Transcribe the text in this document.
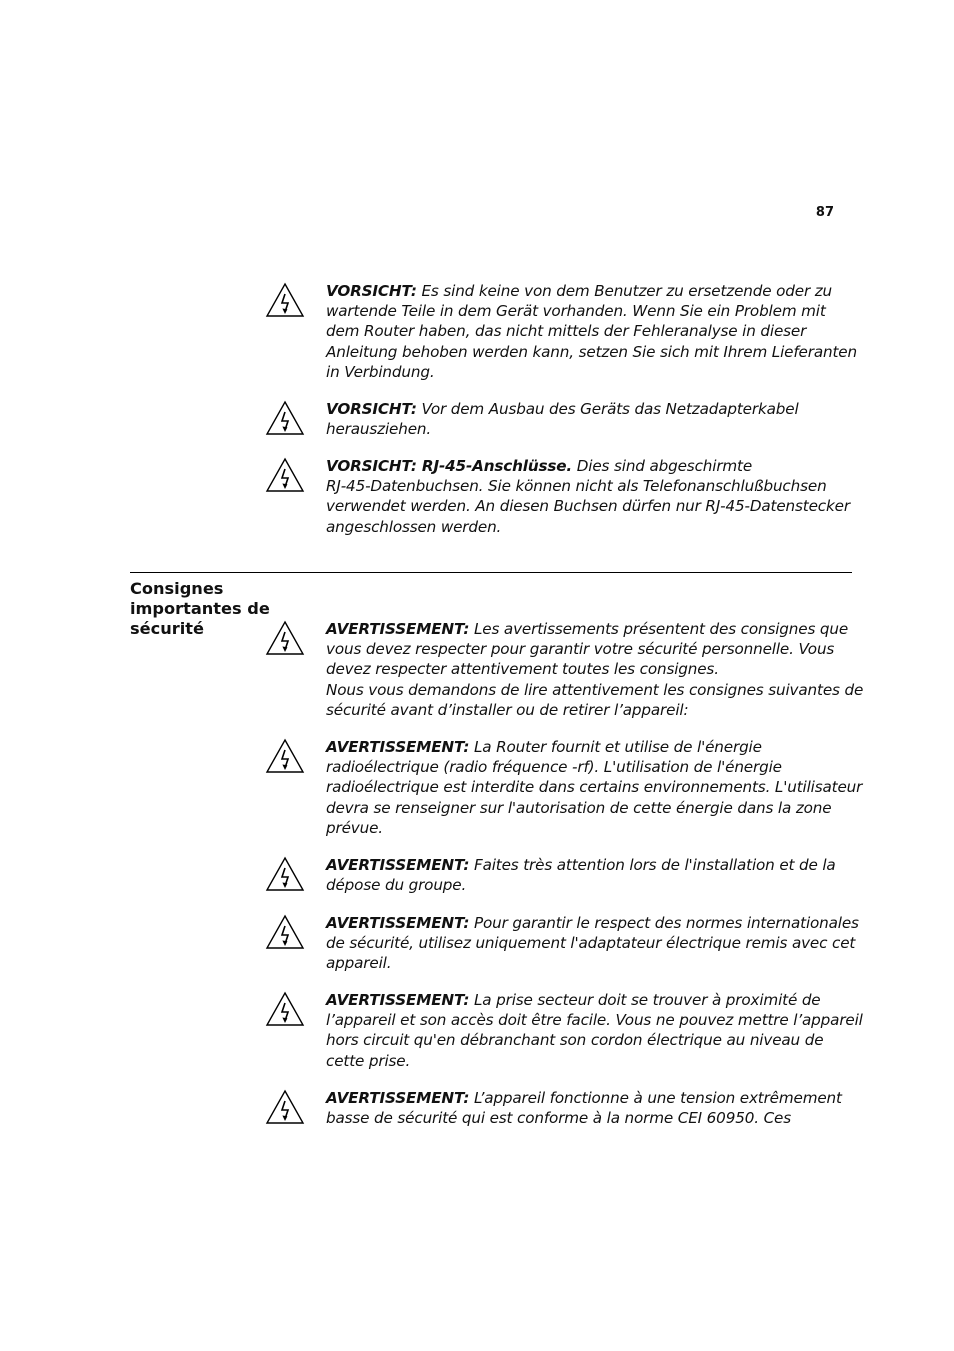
87
VORSICHT: Es sind keine von dem Benutzer zu ersetzende oder zu
wartende Teile in dem Gerät vorhanden. Wenn Sie ein Problem mit
dem Router haben, das nicht mittels der Fehleranalyse in dieser
Anleitung behoben werden kann, setzen Sie sich mit Ihrem Lieferanten
in Verbindung.
VORSICHT: Vor dem Ausbau des Geräts das Netzadapterkabel
herausziehen.
VORSICHT: RJ-45-Anschlüsse. Dies sind abgeschirmte
RJ-45-Datenbuchsen. Sie können nicht als Telefonanschlußbuchsen
verwendet werden. An diesen Buchsen dürfen nur RJ-45-Datenstecker
angeschlossen werden.
Consignes
importantes de
sécurité	AVERTISSEMENT: Les avertissements présentent des consignes que
vous devez respecter pour garantir votre sécurité personnelle. Vous
devez respecter attentivement toutes les consignes.
Nous vous demandons de lire attentivement les consignes suivantes de
sécurité avant d’installer ou de retirer l’appareil:
AVERTISSEMENT: La Router fournit et utilise de l'énergie
radioélectrique (radio fréquence -rf). L'utilisation de l'énergie
radioélectrique est interdite dans certains environnements. L'utilisateur
devra se renseigner sur l'autorisation de cette énergie dans la zone
prévue.
AVERTISSEMENT: Faites très attention lors de l'installation et de la
dépose du groupe.
AVERTISSEMENT: Pour garantir le respect des normes internationales
de sécurité, utilisez uniquement l'adaptateur électrique remis avec cet
appareil.
AVERTISSEMENT: La prise secteur doit se trouver à proximité de
l’appareil et son accès doit être facile. Vous ne pouvez mettre l’appareil
hors circuit qu'en débranchant son cordon électrique au niveau de
cette prise.
AVERTISSEMENT: L’appareil fonctionne à une tension extrêmement
basse de sécurité qui est conforme à la norme CEI 60950. Ces
